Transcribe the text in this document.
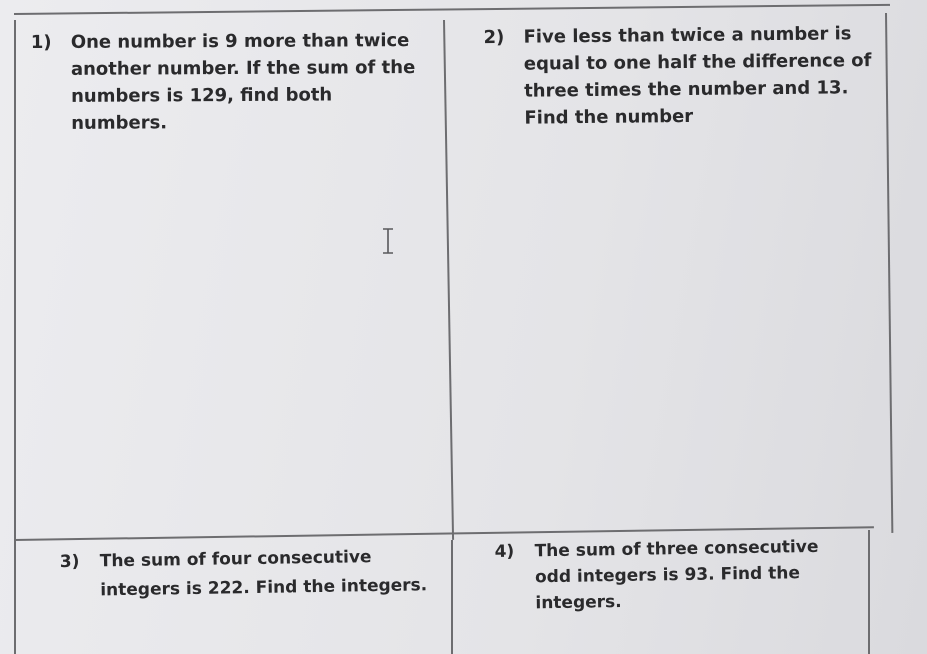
1)	One number is 9 more than twice another number. If the sum of the numbers is 129, find both numbers.
2)	Five less than twice a number is equal to one half the difference of three times the number and 13. Find the number
3)	The sum of four consecutive integers is 222. Find the integers.
4)	The sum of three consecutive odd integers is 93. Find the integers.
